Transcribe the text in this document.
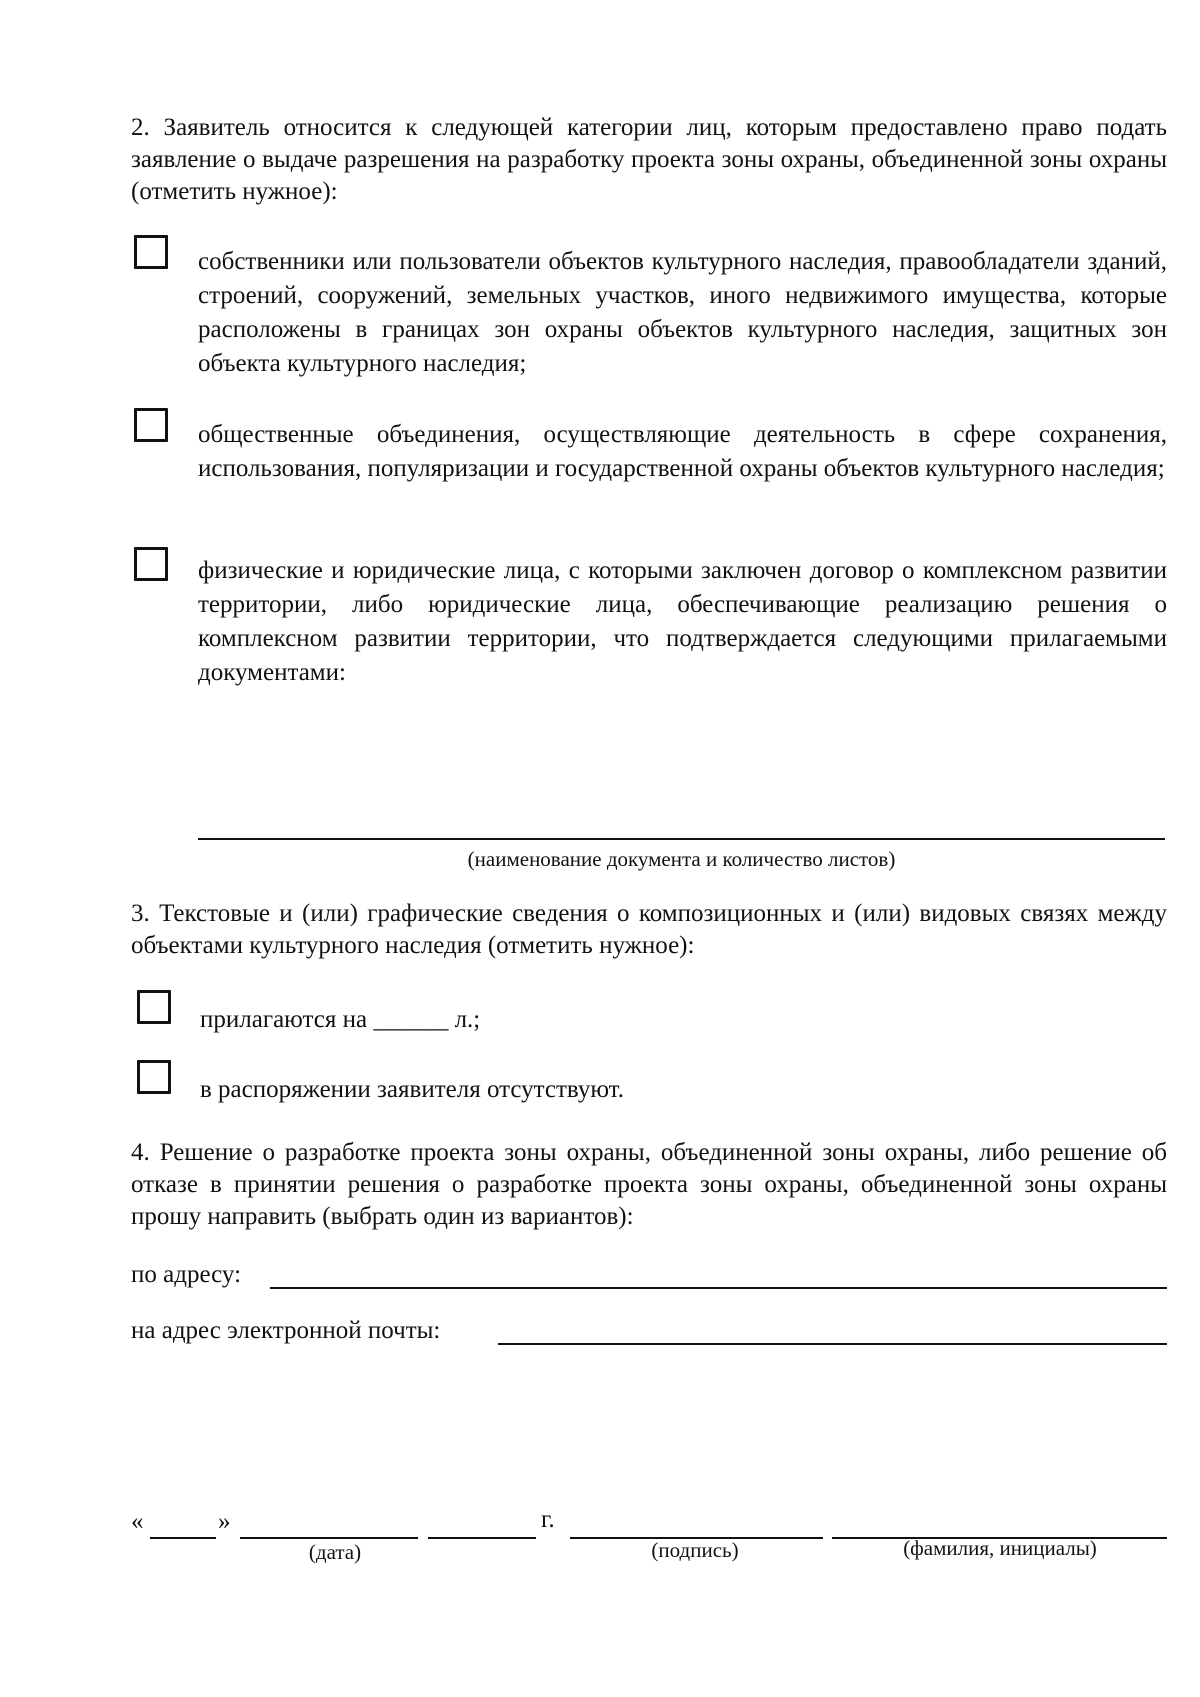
2. Заявитель относится к следующей категории лиц, которым предоставлено право подать заявление о выдаче разрешения на разработку проекта зоны охраны, объединенной зоны охраны (отметить нужное):
собственники или пользователи объектов культурного наследия, правообладатели зданий, строений, сооружений, земельных участков, иного недвижимого имущества, которые расположены в границах зон охраны объектов культурного наследия, защитных зон объекта культурного наследия;
общественные объединения, осуществляющие деятельность в сфере сохранения, использования, популяризации и государственной охраны объектов культурного наследия;
физические и юридические лица, с которыми заключен договор о комплексном развитии территории, либо юридические лица, обеспечивающие реализацию решения о комплексном развитии территории, что подтверждается следующими прилагаемыми документами:
(наименование документа и количество листов)
3. Текстовые и (или) графические сведения о композиционных и (или) видовых связях между объектами культурного наследия (отметить нужное):
прилагаются на ______ л.;
в распоряжении заявителя отсутствуют.
4. Решение о разработке проекта зоны охраны, объединенной зоны охраны, либо решение об отказе в принятии решения о разработке проекта зоны охраны, объединенной зоны охраны прошу направить (выбрать один из вариантов):
по адресу:
на адрес электронной почты:
«	»	г.
(дата)	(подпись)	(фамилия, инициалы)
